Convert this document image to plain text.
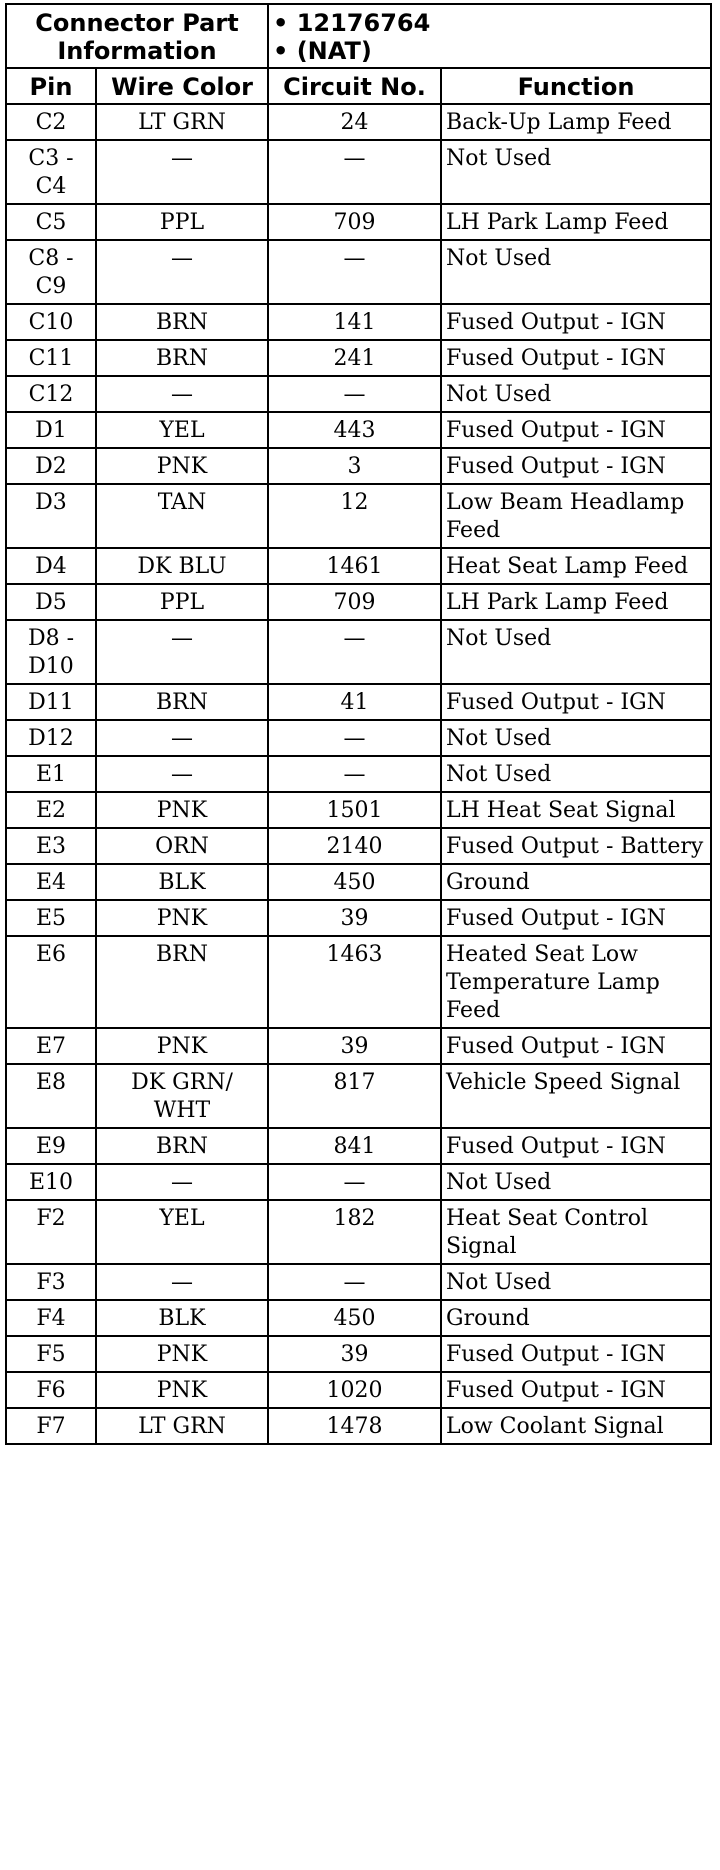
Connector Part Information		• 12176764
• (NAT)	

Pin	Wire Color	Circuit No.	Function
C2	LT GRN	24	Back-Up Lamp Feed
C3 - C4	—	—	Not Used
C5	PPL	709	LH Park Lamp Feed
C8 - C9	—	—	Not Used
C10	BRN	141	Fused Output - IGN
C11	BRN	241	Fused Output - IGN
C12	—	—	Not Used
D1	YEL	443	Fused Output - IGN
D2	PNK	3	Fused Output - IGN
D3	TAN	12	Low Beam Headlamp Feed
D4	DK BLU	1461	Heat Seat Lamp Feed
D5	PPL	709	LH Park Lamp Feed
D8 - D10	—	—	Not Used
D11	BRN	41	Fused Output - IGN
D12	—	—	Not Used
E1	—	—	Not Used
E2	PNK	1501	LH Heat Seat Signal
E3	ORN	2140	Fused Output - Battery
E4	BLK	450	Ground
E5	PNK	39	Fused Output - IGN
E6	BRN	1463	Heated Seat Low Temperature Lamp Feed
E7	PNK	39	Fused Output - IGN
E8	DK GRN/ WHT	817	Vehicle Speed Signal
E9	BRN	841	Fused Output - IGN
E10	—	—	Not Used
F2	YEL	182	Heat Seat Control Signal
F3	—	—	Not Used
F4	BLK	450	Ground
F5	PNK	39	Fused Output - IGN
F6	PNK	1020	Fused Output - IGN
F7	LT GRN	1478	Low Coolant Signal
